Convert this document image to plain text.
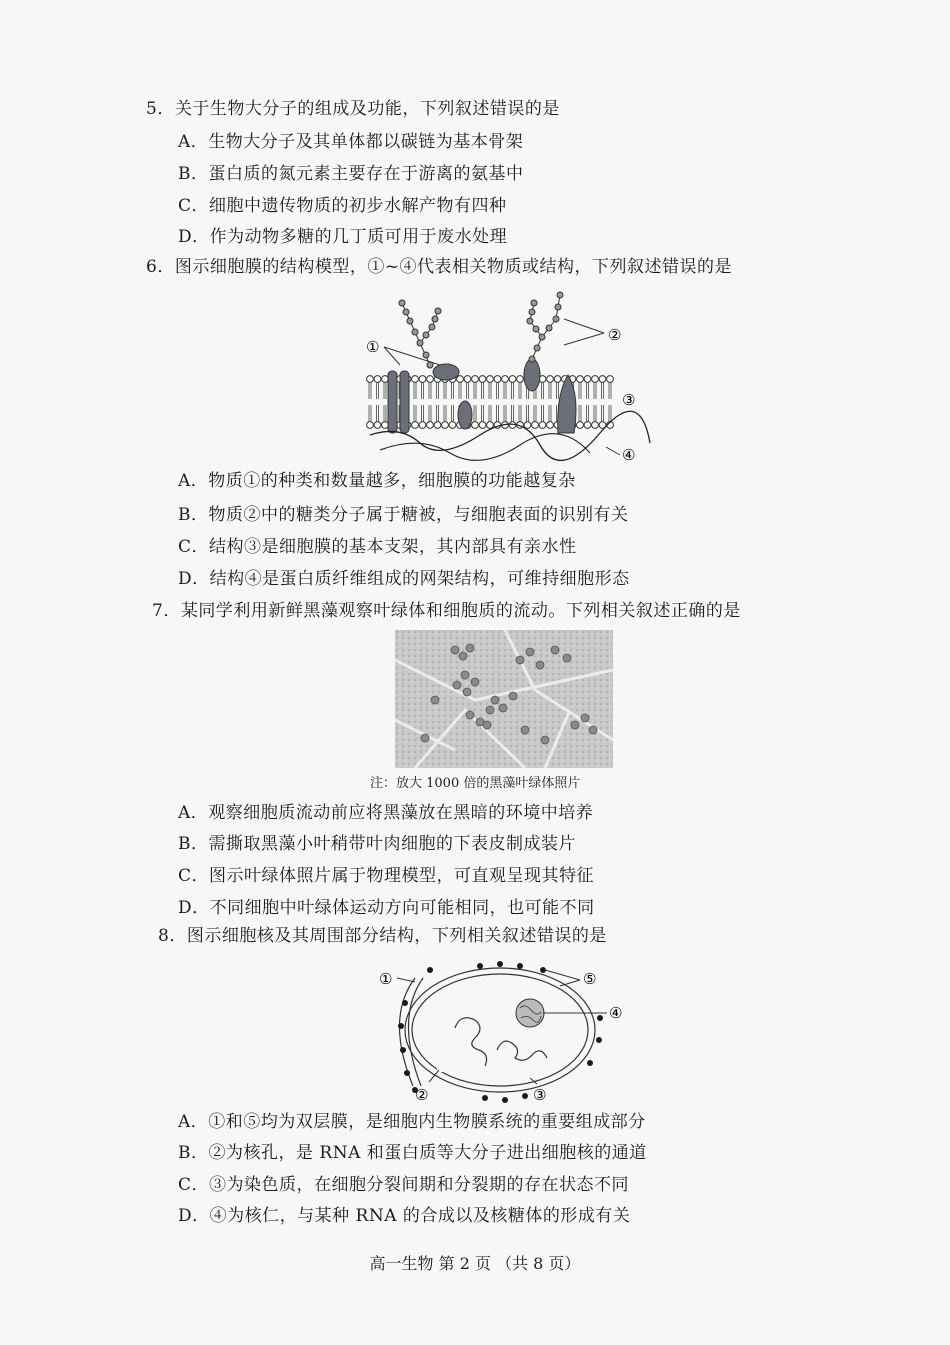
5．关于生物大分子的组成及功能，下列叙述错误的是
A．生物大分子及其单体都以碳链为基本骨架
B．蛋白质的氮元素主要存在于游离的氨基中
C．细胞中遗传物质的初步水解产物有四种
D．作为动物多糖的几丁质可用于废水处理
6．图示细胞膜的结构模型，①~④代表相关物质或结构，下列叙述错误的是
①
②
③
④
A．物质①的种类和数量越多，细胞膜的功能越复杂
B．物质②中的糖类分子属于糖被，与细胞表面的识别有关
C．结构③是细胞膜的基本支架，其内部具有亲水性
D．结构④是蛋白质纤维组成的网架结构，可维持细胞形态
7．某同学利用新鲜黑藻观察叶绿体和细胞质的流动。下列相关叙述正确的是
注：放大 1000 倍的黑藻叶绿体照片
A．观察细胞质流动前应将黑藻放在黑暗的环境中培养
B．需撕取黑藻小叶稍带叶肉细胞的下表皮制成装片
C．图示叶绿体照片属于物理模型，可直观呈现其特征
D．不同细胞中叶绿体运动方向可能相同，也可能不同
8．图示细胞核及其周围部分结构，下列相关叙述错误的是
①
②	③
④
⑤
A．①和⑤均为双层膜，是细胞内生物膜系统的重要组成部分
B．②为核孔，是 RNA 和蛋白质等大分子进出细胞核的通道
C．③为染色质，在细胞分裂间期和分裂期的存在状态不同
D．④为核仁，与某种 RNA 的合成以及核糖体的形成有关
高一生物 第 2 页 （共 8 页）
